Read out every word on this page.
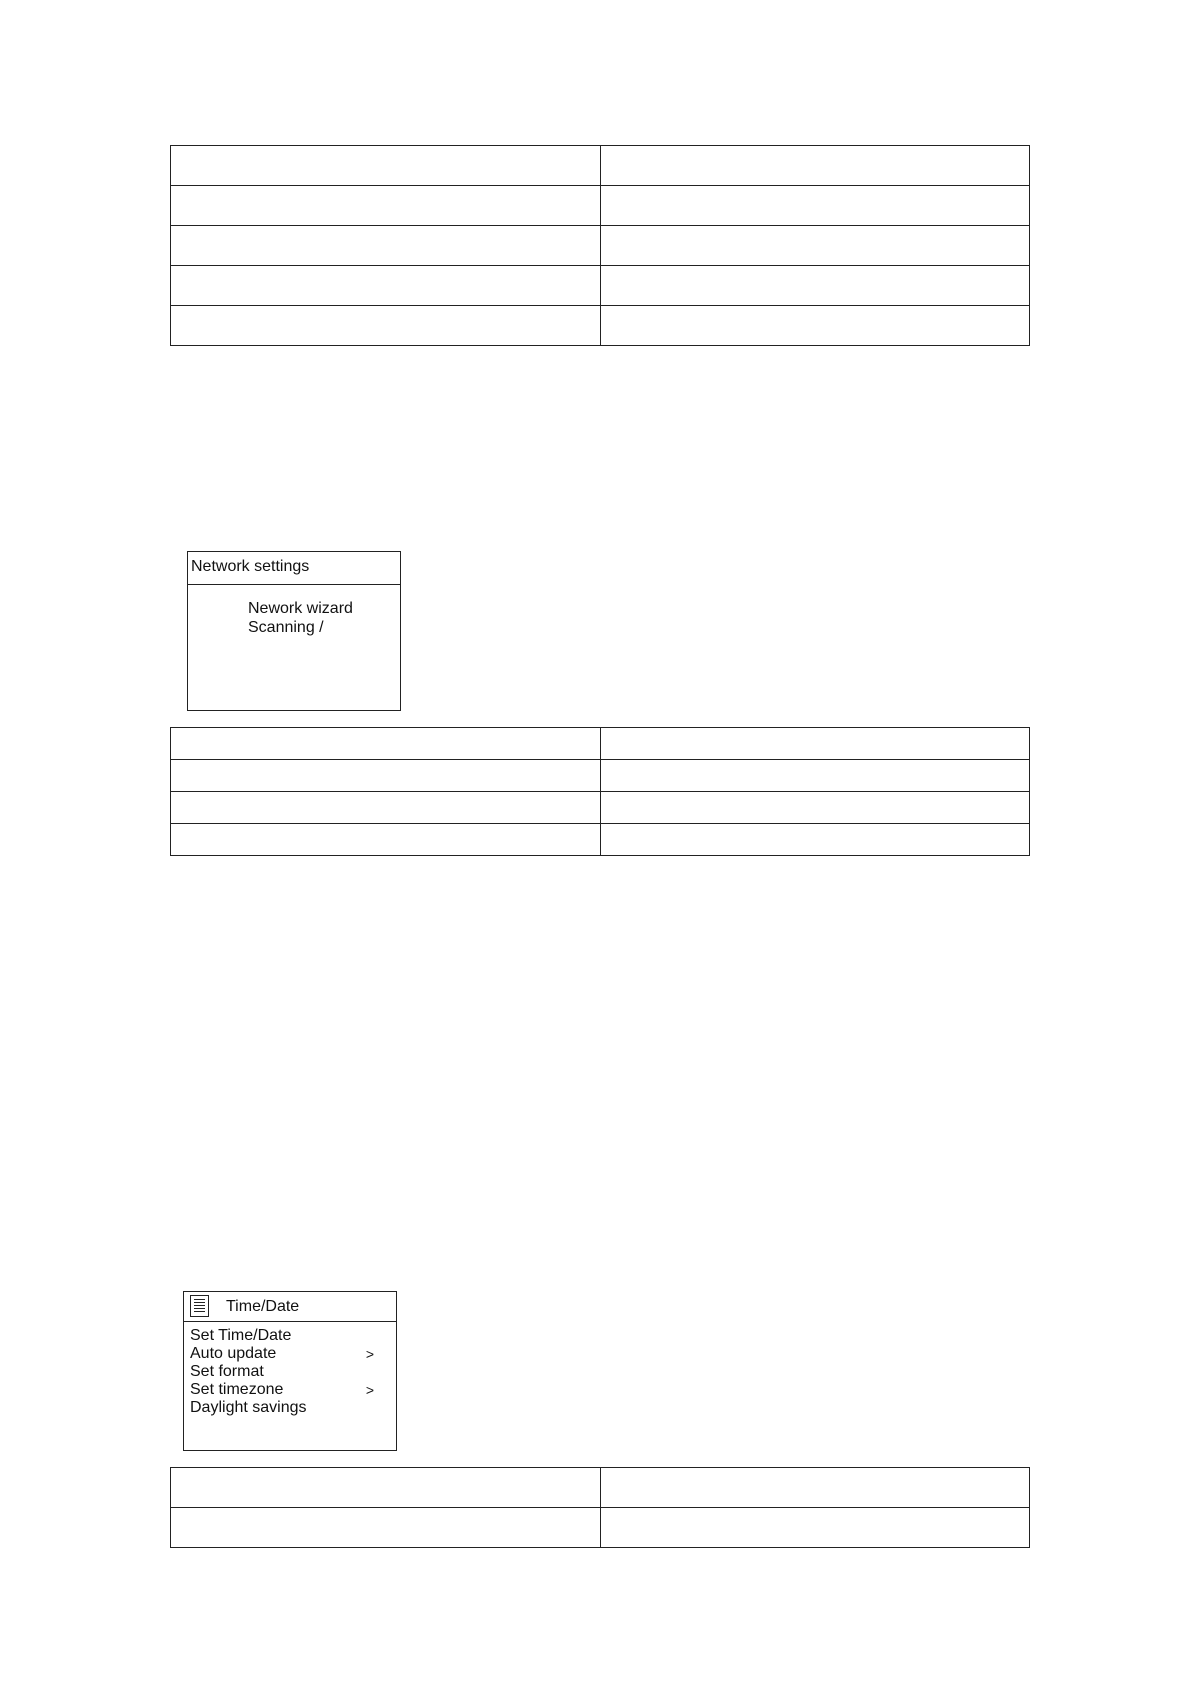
Network settings
Nework wizard
Scanning /

Time/Date
Set Time/Date
Auto update	>
Set format
Set timezone	>
Daylight savings
